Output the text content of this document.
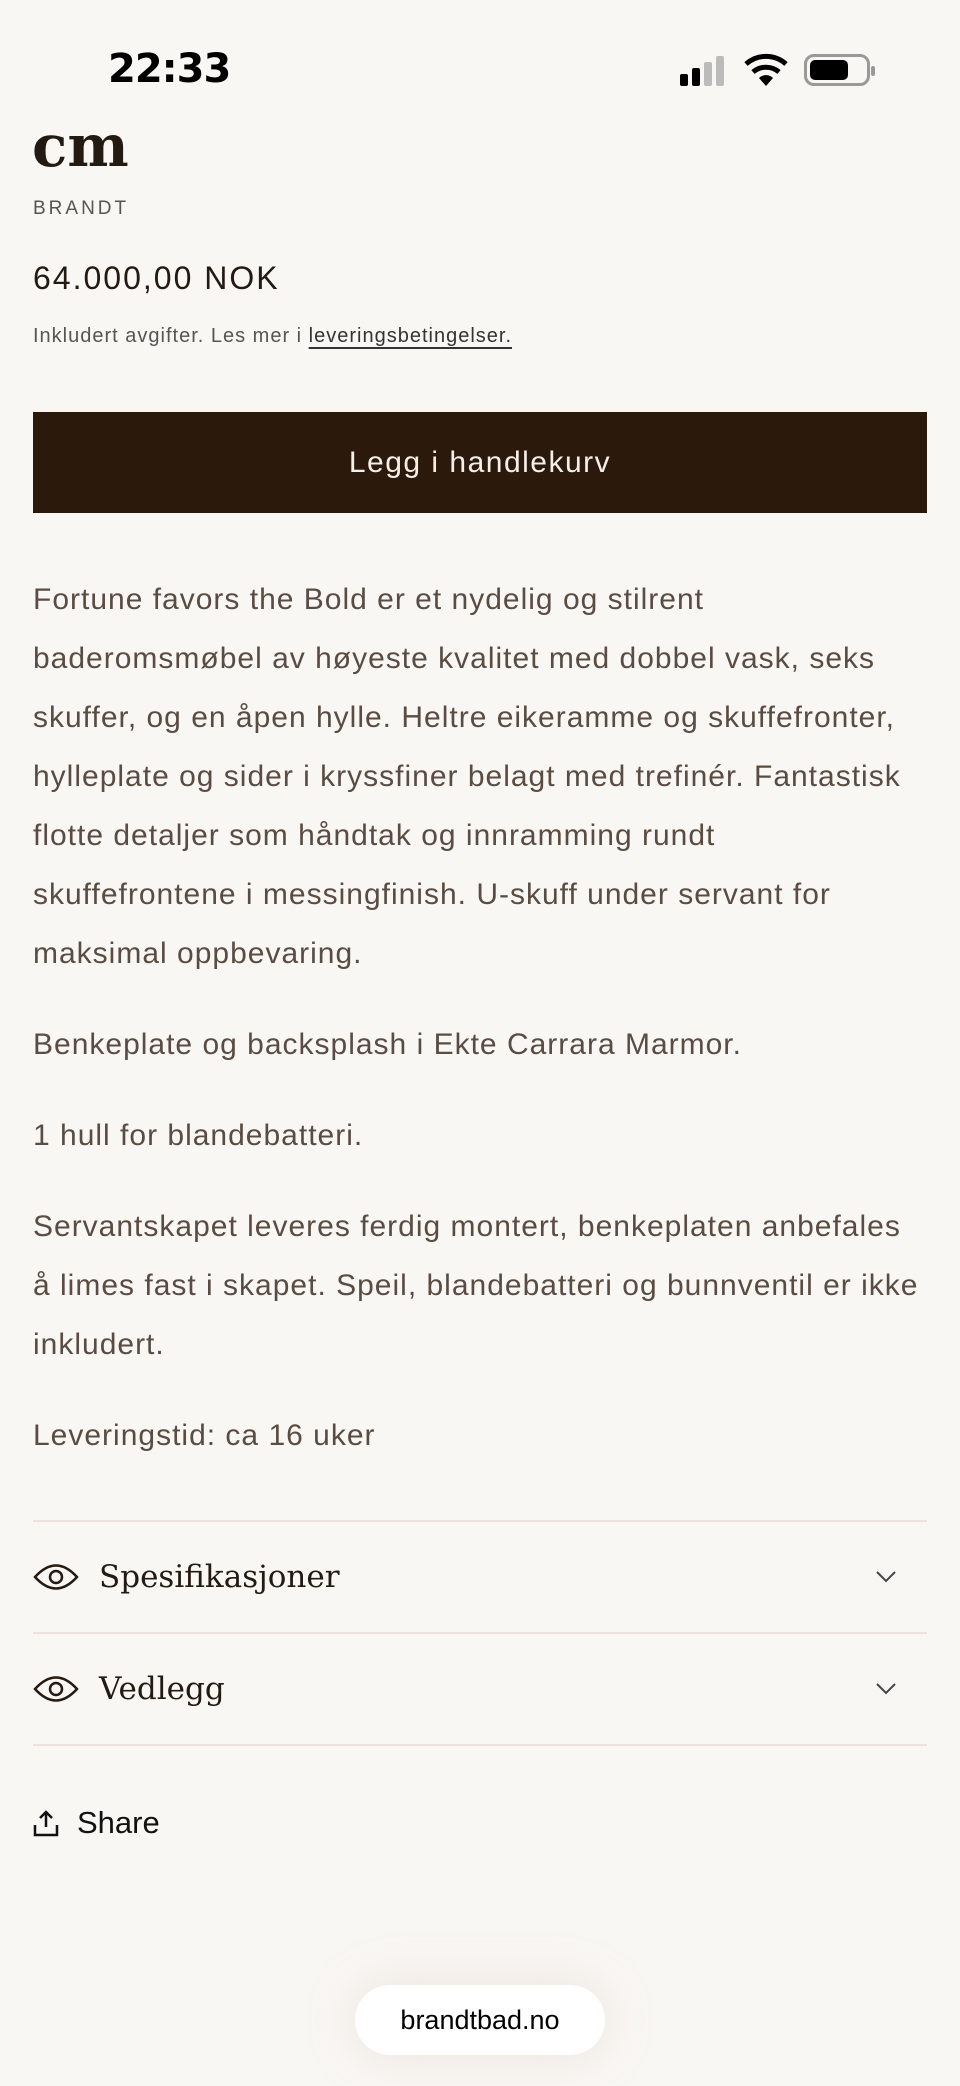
22:33
cm
BRANDT
64.000,00 NOK
Inkludert avgifter. Les mer i leveringsbetingelser.
Legg i handlekurv

Fortune favors the Bold er et nydelig og stilrent baderomsmøbel av høyeste kvalitet med dobbel vask, seks skuffer, og en åpen hylle. Heltre eikeramme og skuffefronter, hylleplate og sider i kryssfiner belagt med trefinér. Fantastisk flotte detaljer som håndtak og innramming rundt skuffefrontene i messingfinish. U-skuff under servant for maksimal oppbevaring.

Benkeplate og backsplash i Ekte Carrara Marmor.

1 hull for blandebatteri.

Servantskapet leveres ferdig montert, benkeplaten anbefales å limes fast i skapet. Speil, blandebatteri og bunnventil er ikke inkludert.

Leveringstid: ca 16 uker

Spesifikasjoner
Vedlegg
Share
brandtbad.no
